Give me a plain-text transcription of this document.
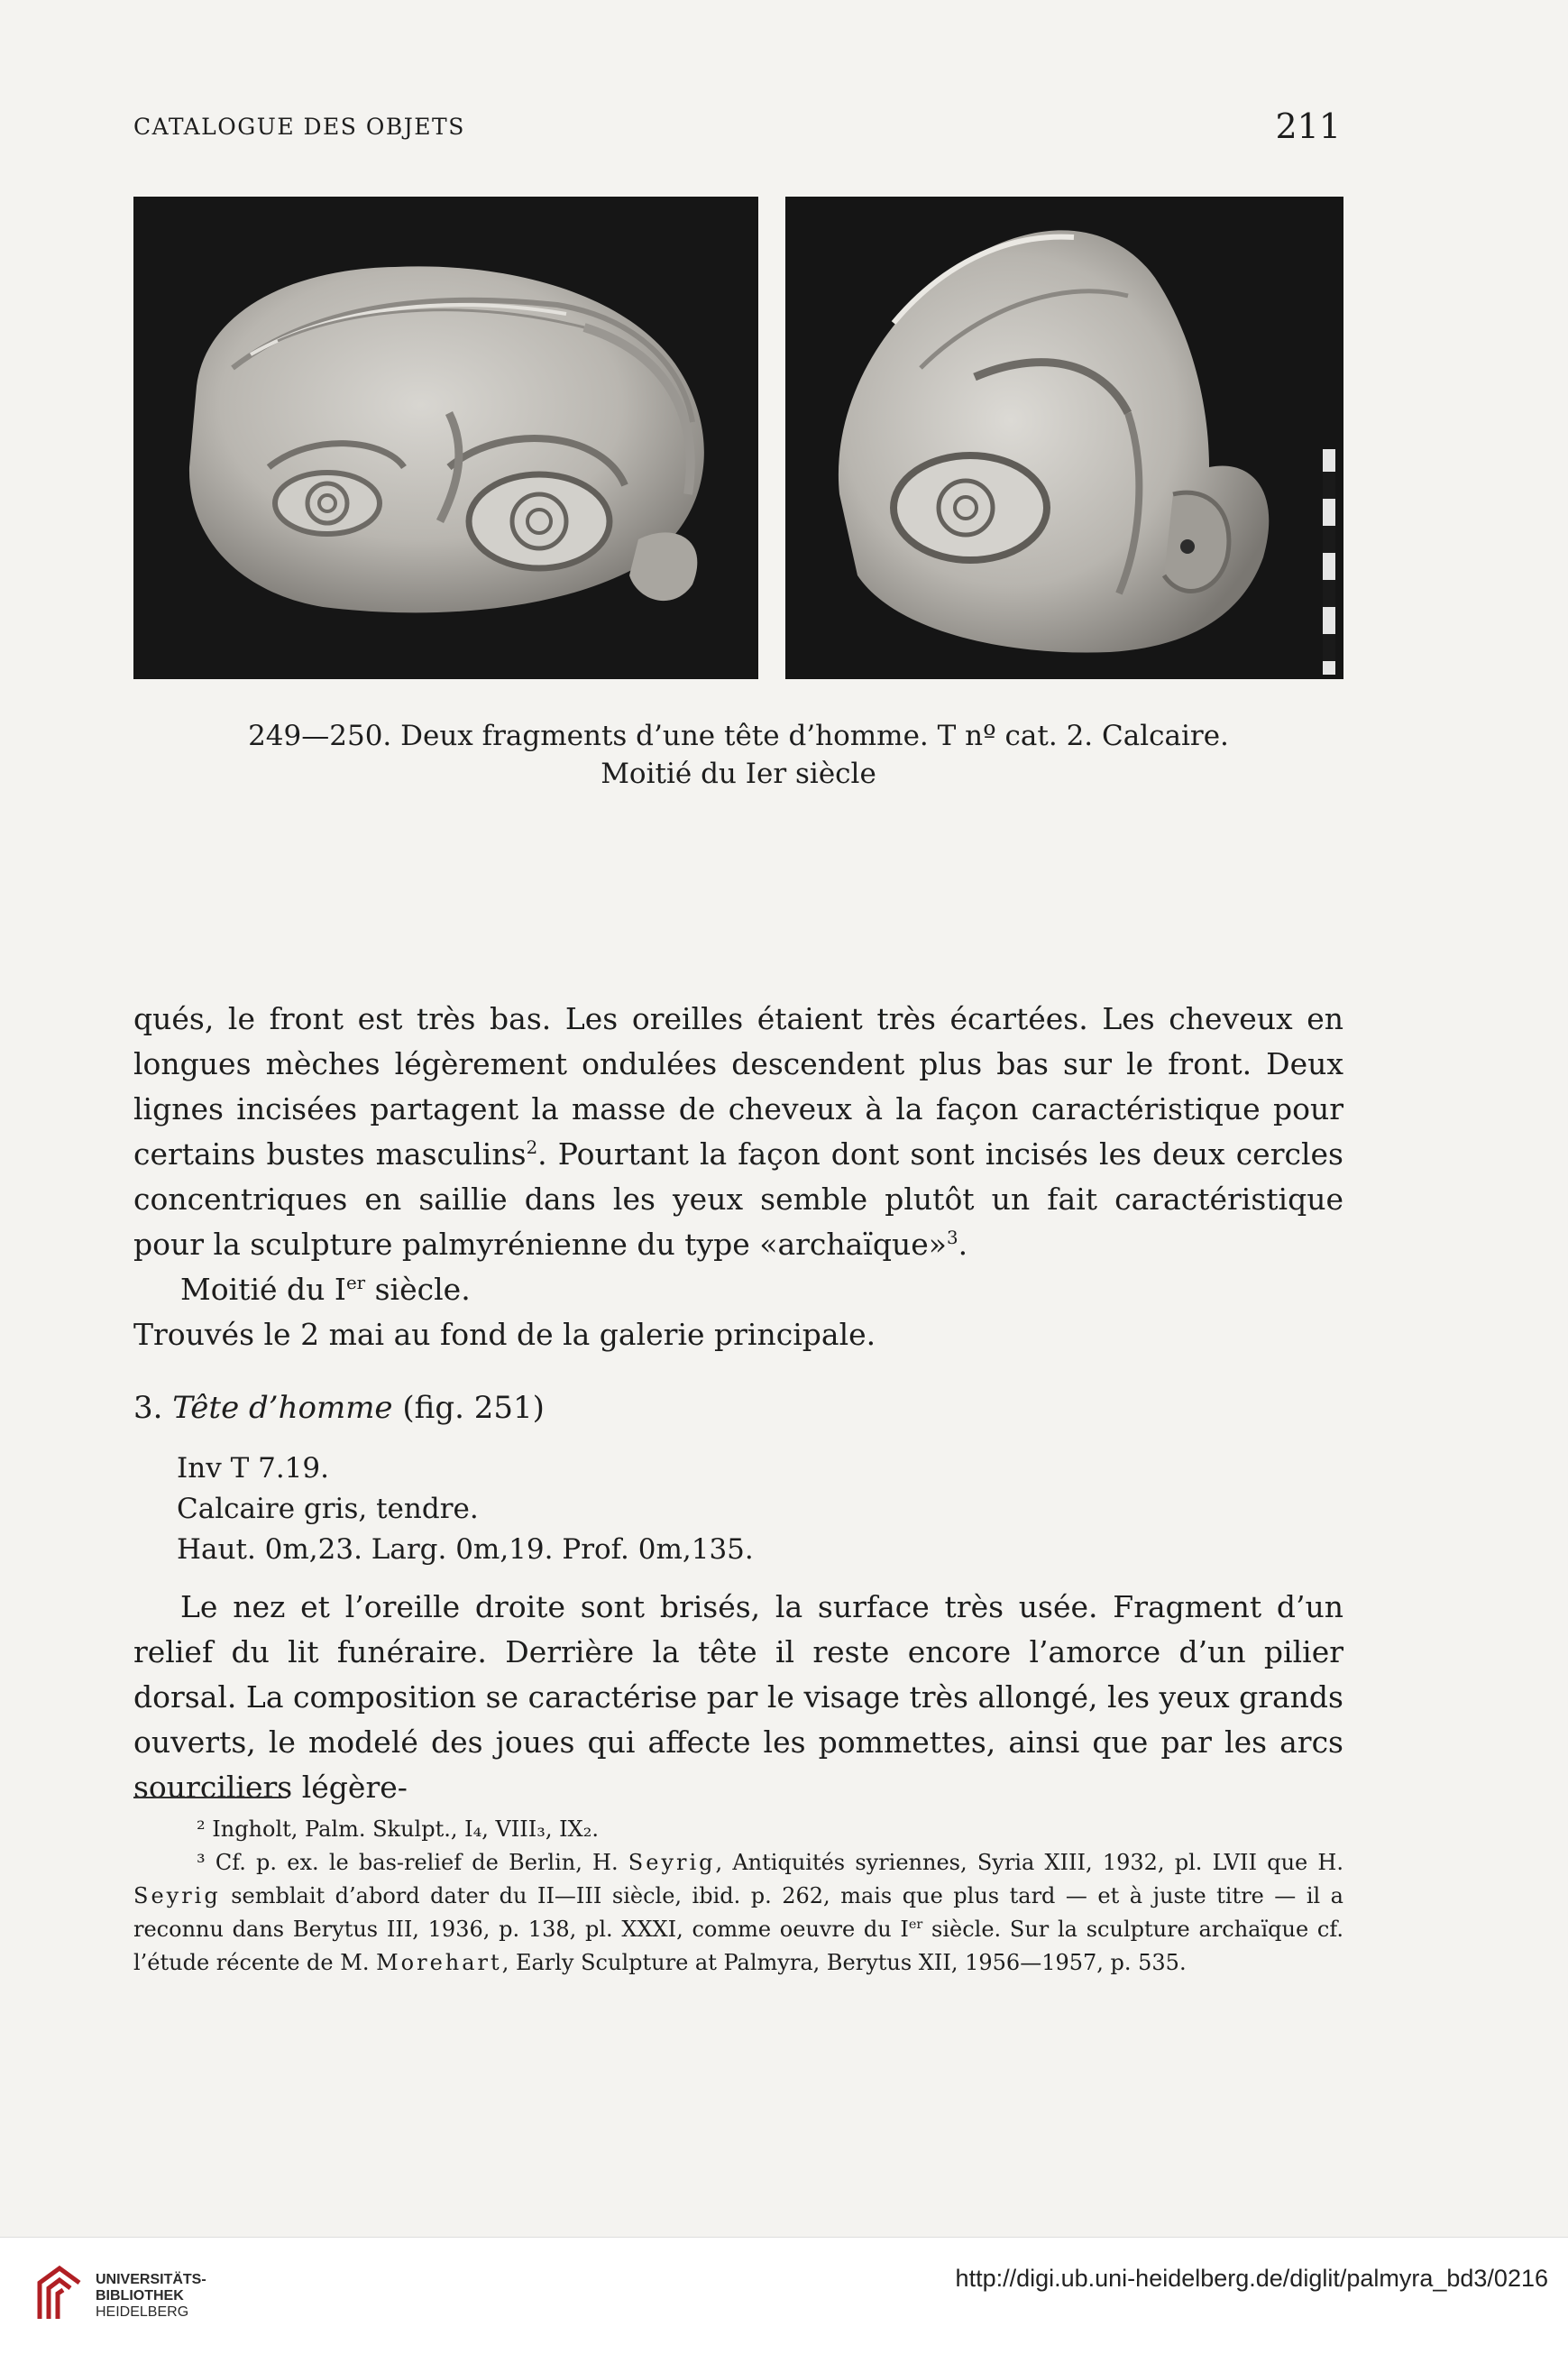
CATALOGUE DES OBJETS	211
249—250. Deux fragments d’une tête d’homme. T nº cat. 2. Calcaire.
Moitié du Ier siècle

qués, le front est très bas. Les oreilles étaient très écartées. Les cheveux en longues mèches légèrement ondulées descendent plus bas sur le front. Deux lignes incisées partagent la masse de cheveux à la façon caractéristique pour certains bustes masculins$^2$. Pourtant la façon dont sont incisés les deux cercles concentriques en saillie dans les yeux semble plutôt un fait caractéristique pour la sculpture palmyrénienne du type «archaïque»$^3$.

Moitié du Ier siècle.

Trouvés le 2 mai au fond de la galerie principale.

3. Tête d’homme (fig. 251)
Inv T 7.19.
Calcaire gris, tendre.
Haut. 0m,23. Larg. 0m,19. Prof. 0m,135.
Le nez et l’oreille droite sont brisés, la surface très usée. Fragment d’un relief du lit funéraire. Derrière la tête il reste encore l’amorce d’un pilier dorsal. La composition se caractérise par le visage très allongé, les yeux grands ouverts, le modelé des joues qui affecte les pommettes, ainsi que par les arcs sourciliers légère-

² Ingholt, Palm. Skulpt., I₄, VIII₃, IX₂.

³ Cf. p. ex. le bas-relief de Berlin, H. Seyrig, Antiquités syriennes, Syria XIII, 1932, pl. LVII que H. Seyrig semblait d’abord dater du II—III siècle, ibid. p. 262, mais que plus tard — et à juste titre — il a reconnu dans Berytus III, 1936, p. 138, pl. XXXI, comme oeuvre du Ier siècle. Sur la sculpture archaïque cf. l’étude récente de M. Morehart, Early Sculpture at Palmyra, Berytus XII, 1956—1957, p. 535.

UNIVERSITÄTS-
BIBLIOTHEK
HEIDELBERG
http://digi.ub.uni-heidelberg.de/diglit/palmyra_bd3/0216
